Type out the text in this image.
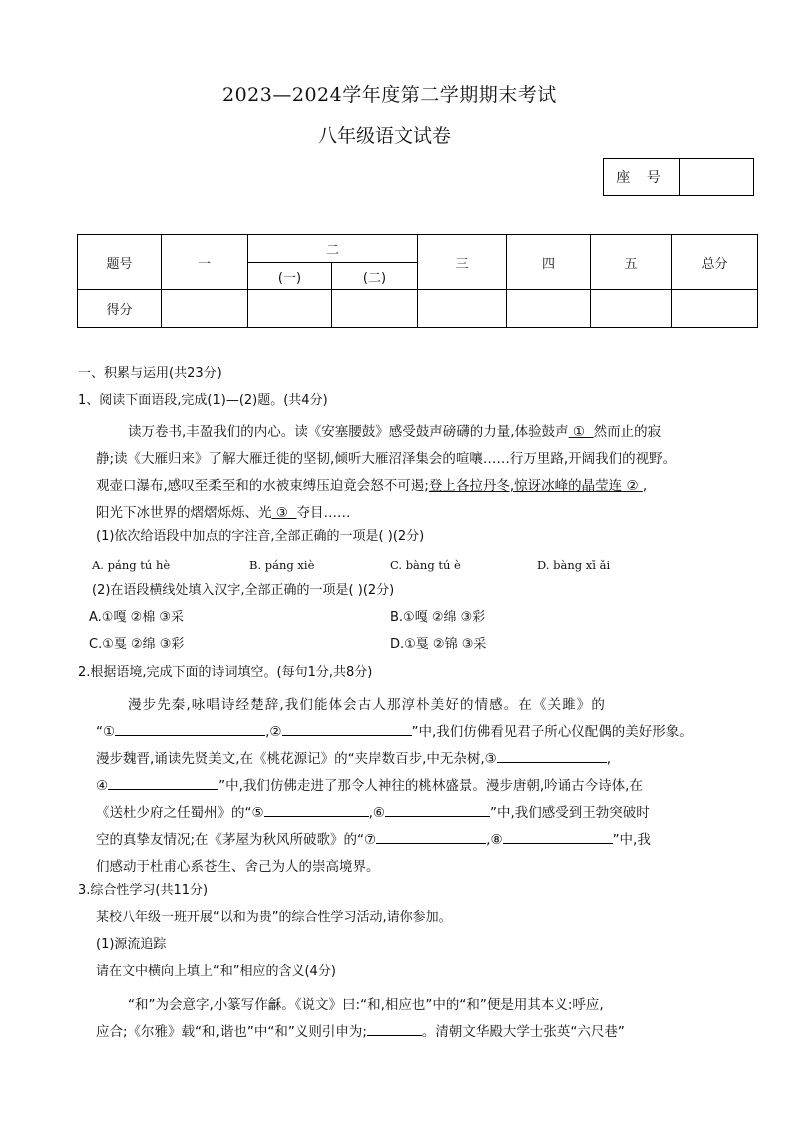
2023—2024学年度第二学期期末考试
八年级语文试卷
座 号
题号	一	二		三	四	五	总分
		(一)	(二)				
得分							
一、积累与运用(共23分)
1、阅读下面语段,完成(1)—(2)题。(共4分)
读万卷书,丰盈我们的内心。读《安塞腰鼓》感受鼓声磅礴的力量,体验鼓声 ① 然而止的寂
静;读《大雁归来》了解大雁迁徙的坚韧,倾听大雁沼泽集会的喧嚷……行万里路,开阔我们的视野。
观壶口瀑布,感叹至柔至和的水被束缚压迫竟会怒不可遏;登上各拉丹冬,惊讶冰峰的晶莹连 ② ,
阳光下冰世界的熠熠烁烁、光 ③ 夺目……
(1)依次给语段中加点的字注音,全部正确的一项是( )(2分)
A. páng tú hè	B. páng xiè	C. bàng tú è	D. bàng xī ǎi
(2)在语段横线处填入汉字,全部正确的一项是( )(2分)
A.①嘎 ②棉 ③采	B.①嘎 ②绵 ③彩
C.①戛 ②绵 ③彩	D.①戛 ②锦 ③采
2.根据语境,完成下面的诗词填空。(每句1分,共8分)
漫步先秦,咏唱诗经楚辞,我们能体会古人那淳朴美好的情感。在《关雎》的
“①	,②	”中,我们仿佛看见君子所心仪配偶的美好形象。
漫步魏晋,诵读先贤美文,在《桃花源记》的“夹岸数百步,中无杂树,③	,
④	”中,我们仿佛走进了那令人神往的桃林盛景。漫步唐朝,吟诵古今诗体,在
《送杜少府之任蜀州》的“⑤	,⑥	”中,我们感受到王勃突破时
空的真挚友情况;在《茅屋为秋风所破歌》的“⑦	,⑧	”中,我
们感动于杜甫心系苍生、舍己为人的崇高境界。
3.综合性学习(共11分)
某校八年级一班开展“以和为贵”的综合性学习活动,请你参加。
(1)源流追踪
请在文中横向上填上“和”相应的含义(4分)
“和”为会意字,小篆写作龢。《说文》曰:“和,相应也”中的“和”便是用其本义:呼应,
应合;《尔雅》载“和,谐也”中“和”义则引申为;	。清朝文华殿大学士张英“六尺巷”
